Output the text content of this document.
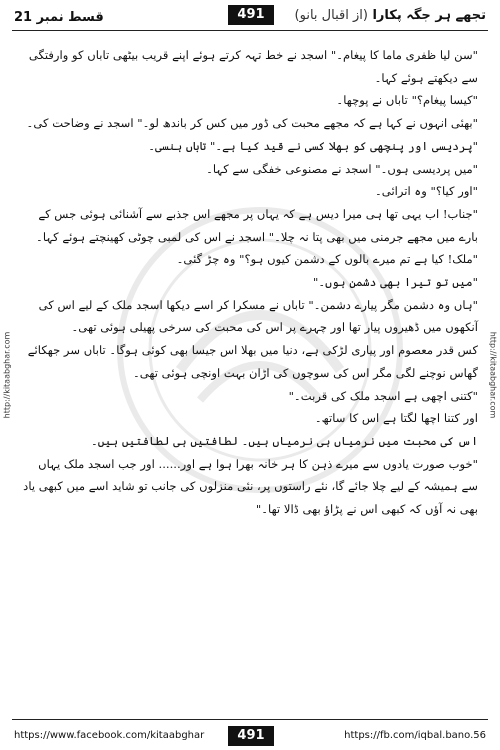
قسط نمبر 21	491	تجھے ہر جگہ پکارا (از اقبال بانو)
http://kitaabghar.com	http://kitaabghar.com

"سن لیا ظفری ماما کا پیغام۔" اسجد نے خط تہہ کرتے ہوئے اپنے قریب بیٹھی تاباں کو وارفتگی سے دیکھتے ہوئے کہا۔

"کیسا پیغام؟" تاباں نے پوچھا۔

"بھئی انہوں نے کہا ہے کہ مجھے محبت کی ڈور میں کس کر باندھ لو۔" اسجد نے وضاحت کی۔

"پردیسی اور پنچھی کو بھلا کسی نے قید کیا ہے۔" تاباں ہنسی۔

"میں پردیسی ہوں۔" اسجد نے مصنوعی خفگی سے کہا۔

"اور کیا؟" وہ اترائی۔

"جناب! اب یہی تھا ہی میرا دیس ہے کہ یہاں پر مجھے اس جذبے سے آشنائی ہوئی جس کے بارے میں مجھے جرمنی میں بھی پتا نہ چلا۔" اسجد نے اس کی لمبی چوٹی کھینچتے ہوئے کہا۔

"ملک! کیا ہے تم میرے بالوں کے دشمن کیوں ہو؟" وہ چڑ گئی۔

"میں تو تیرا بھی دشمن ہوں۔"

"ہاں وہ دشمن مگر پیارے دشمن۔" تاباں نے مسکرا کر اسے دیکھا اسجد ملک کے لیے اس کی آنکھوں میں ڈھیروں پیار تھا اور چہرے پر اس کی محبت کی سرخی پھیلی ہوئی تھی۔

کس قدر معصوم اور پیاری لڑکی ہے، دنیا میں بھلا اس جیسا بھی کوئی ہوگا۔ تاباں سر جھکائے گھاس نوچنے لگی مگر اس کی سوچوں کی اڑان بہت اونچی ہوئی تھی۔

"کتنی اچھی ہے اسجد ملک کی قربت۔"

اور کتنا اچھا لگتا ہے اس کا ساتھ۔

اس کی محبت میں نرمیاں ہی نرمیاں ہیں۔ لطافتیں ہی لطافتیں ہیں۔

"خوب صورت یادوں سے میرے ذہن کا ہر خانہ بھرا ہوا ہے اور...... اور جب اسجد ملک یہاں سے ہمیشہ کے لیے چلا جائے گا، نئے راستوں پر، نئی منزلوں کی جانب تو شاید اسے میں کبھی یاد بھی نہ آؤں کہ کبھی اس نے پڑاؤ بھی ڈالا تھا۔"

https://www.facebook.com/kitaabghar	491	https://fb.com/iqbal.bano.56
